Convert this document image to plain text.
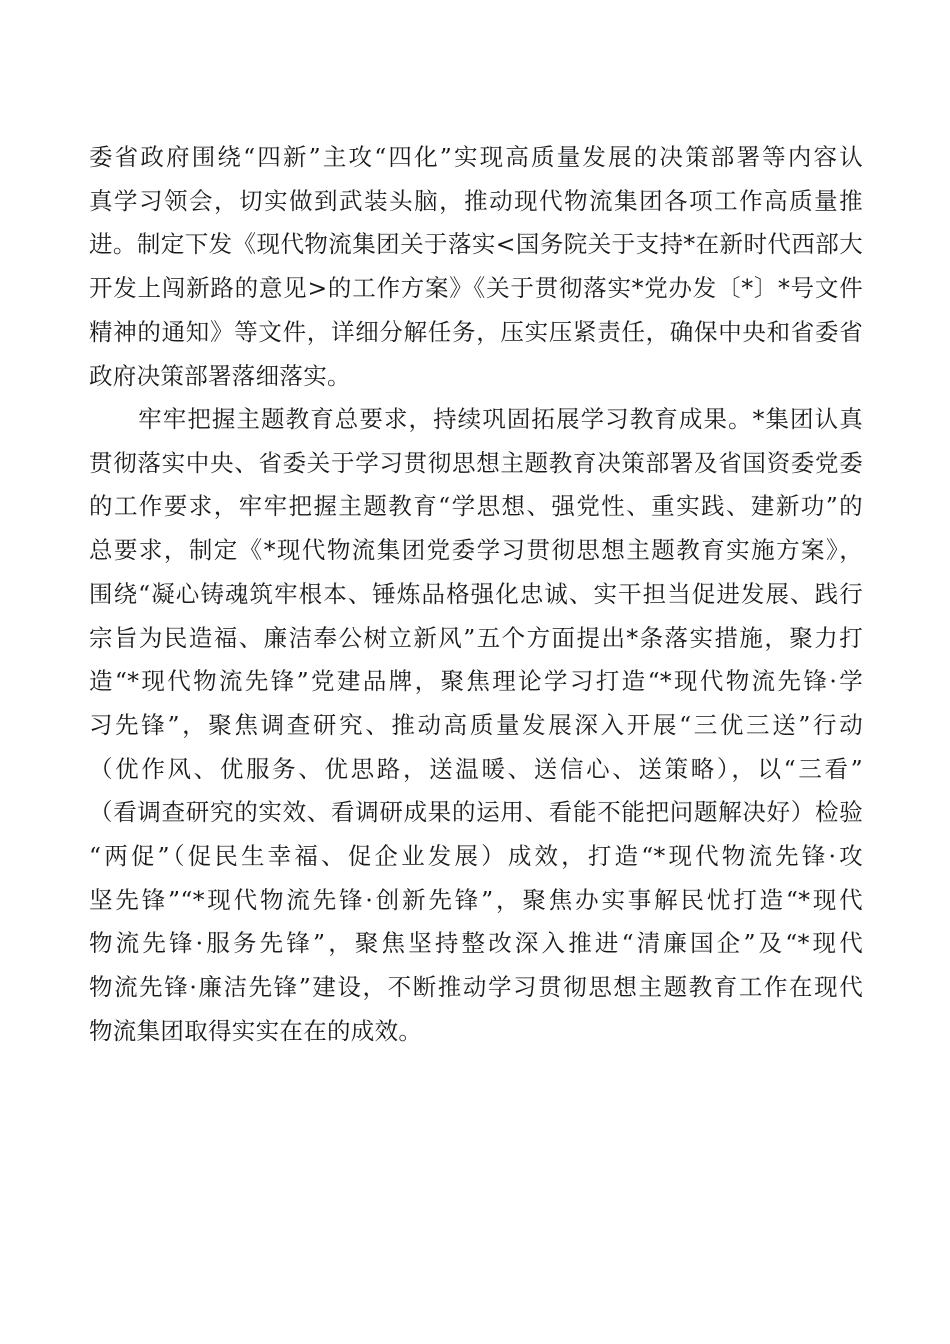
委省政府围绕“四新”主攻“四化”实现高质量发展的决策部署等内容认
真学习领会，切实做到武装头脑，推动现代物流集团各项工作高质量推
进。制定下发《现代物流集团关于落实<国务院关于支持*在新时代西部大
开发上闯新路的意见>的工作方案》《关于贯彻落实*党办发〔*〕*号文件
精神的通知》等文件，详细分解任务，压实压紧责任，确保中央和省委省
政府决策部署落细落实。
　　牢牢把握主题教育总要求，持续巩固拓展学习教育成果。*集团认真
贯彻落实中央、省委关于学习贯彻思想主题教育决策部署及省国资委党委
的工作要求，牢牢把握主题教育“学思想、强党性、重实践、建新功”的
总要求，制定《*现代物流集团党委学习贯彻思想主题教育实施方案》，
围绕“凝心铸魂筑牢根本、锤炼品格强化忠诚、实干担当促进发展、践行
宗旨为民造福、廉洁奉公树立新风”五个方面提出*条落实措施，聚力打
造“*现代物流先锋”党建品牌，聚焦理论学习打造“*现代物流先锋·学
习先锋”，聚焦调查研究、推动高质量发展深入开展“三优三送”行动
（优作风、优服务、优思路，送温暖、送信心、送策略），以“三看”
（看调查研究的实效、看调研成果的运用、看能不能把问题解决好）检验
“两促”（促民生幸福、促企业发展）成效，打造“*现代物流先锋·攻
坚先锋”“*现代物流先锋·创新先锋”，聚焦办实事解民忧打造“*现代
物流先锋·服务先锋”，聚焦坚持整改深入推进“清廉国企”及“*现代
物流先锋·廉洁先锋”建设，不断推动学习贯彻思想主题教育工作在现代
物流集团取得实实在在的成效。
